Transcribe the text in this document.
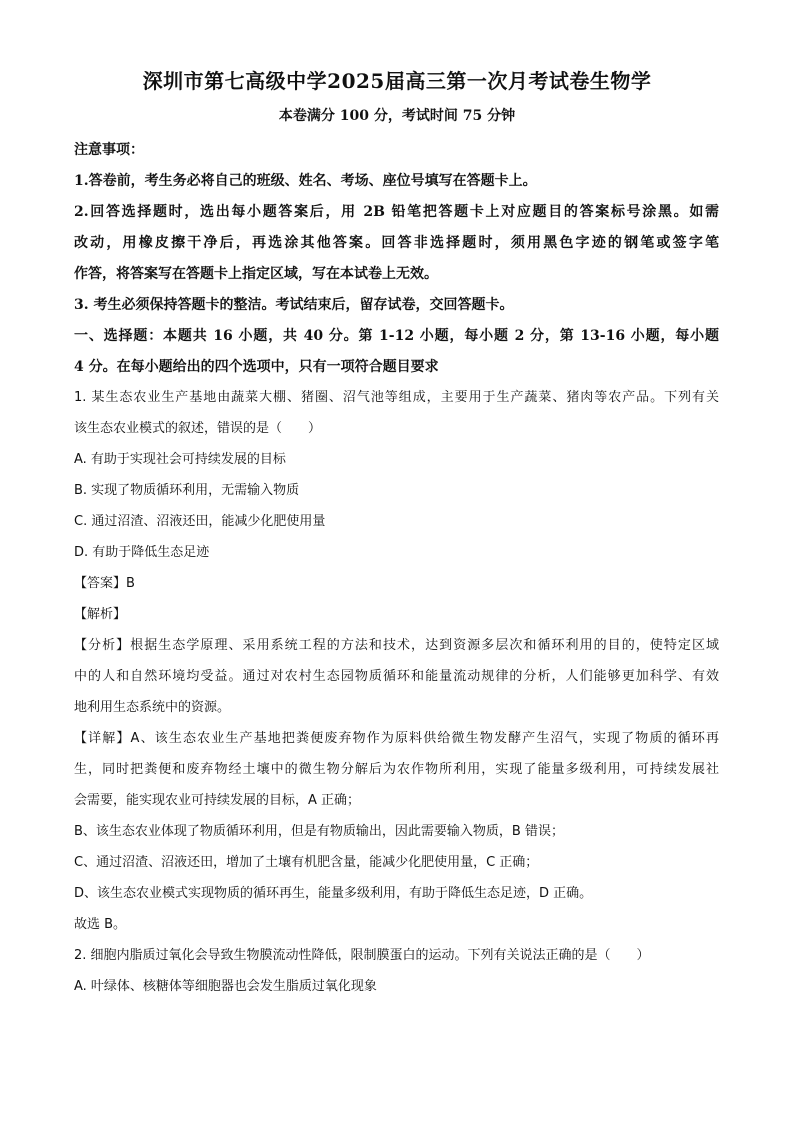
深圳市第七高级中学2025届高三第一次月考试卷生物学
本卷满分 100 分，考试时间 75 分钟
注意事项：
1.答卷前，考生务必将自己的班级、姓名、考场、座位号填写在答题卡上。
2.回答选择题时，选出每小题答案后，用 2B 铅笔把答题卡上对应题目的答案标号涂黑。如需
改动，用橡皮擦干净后，再选涂其他答案。回答非选择题时，须用黑色字迹的钢笔或签字笔
作答，将答案写在答题卡上指定区域，写在本试卷上无效。
3. 考生必须保持答题卡的整洁。考试结束后，留存试卷，交回答题卡。
一、选择题：本题共 16 小题，共 40 分。第 1-12 小题，每小题 2 分，第 13-16 小题，每小题
4 分。在每小题给出的四个选项中，只有一项符合题目要求
1. 某生态农业生产基地由蔬菜大棚、猪圈、沼气池等组成，主要用于生产蔬菜、猪肉等农产品。下列有关
该生态农业模式的叙述，错误的是（　　）
A. 有助于实现社会可持续发展的目标
B. 实现了物质循环利用，无需输入物质
C. 通过沼渣、沼液还田，能减少化肥使用量
D. 有助于降低生态足迹
【答案】B
【解析】
【分析】根据生态学原理、采用系统工程的方法和技术，达到资源多层次和循环利用的目的，使特定区域
中的人和自然环境均受益。通过对农村生态园物质循环和能量流动规律的分析，人们能够更加科学、有效
地利用生态系统中的资源。
【详解】A、该生态农业生产基地把粪便废弃物作为原料供给微生物发酵产生沼气，实现了物质的循环再
生，同时把粪便和废弃物经土壤中的微生物分解后为农作物所利用，实现了能量多级利用，可持续发展社
会需要，能实现农业可持续发展的目标，A 正确；
B、该生态农业体现了物质循环利用，但是有物质输出，因此需要输入物质，B 错误；
C、通过沼渣、沼液还田，增加了土壤有机肥含量，能减少化肥使用量，C 正确；
D、该生态农业模式实现物质的循环再生，能量多级利用，有助于降低生态足迹，D 正确。
故选 B。
2. 细胞内脂质过氧化会导致生物膜流动性降低，限制膜蛋白的运动。下列有关说法正确的是（　　）
A. 叶绿体、核糖体等细胞器也会发生脂质过氧化现象
